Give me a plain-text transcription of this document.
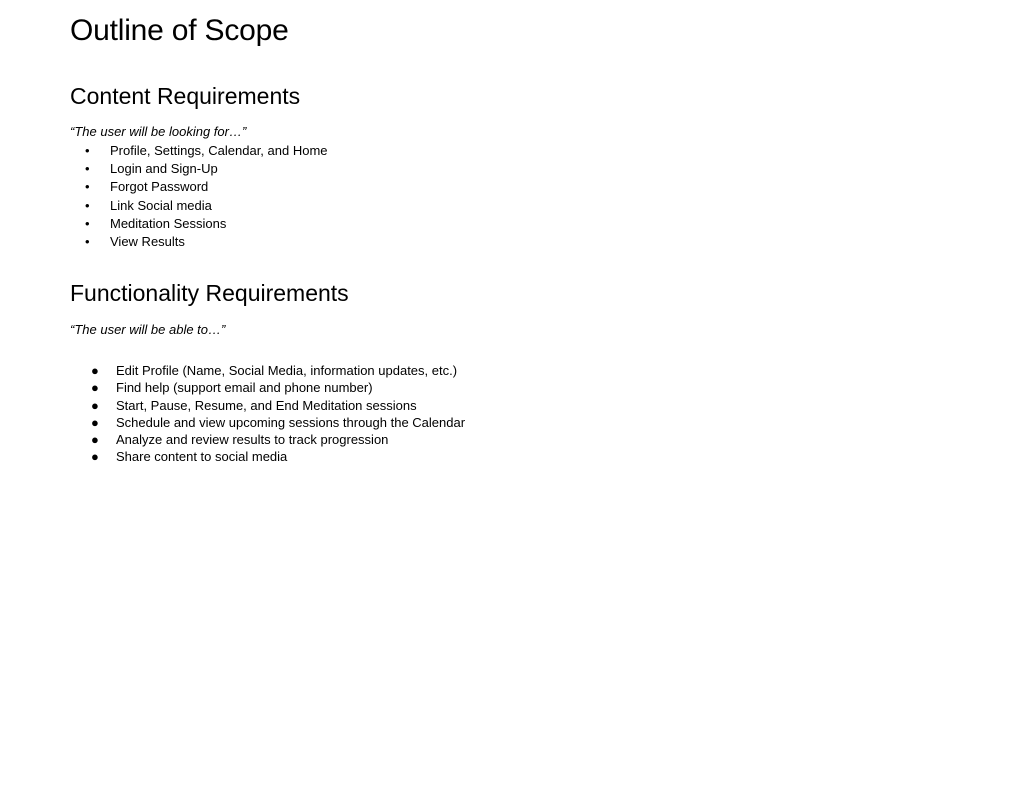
Outline of Scope
Content Requirements

“The user will be looking for…”

• Profile, Settings, Calendar, and Home
• Login and Sign-Up
• Forgot Password
• Link Social media
• Meditation Sessions
• View Results
Functionality Requirements

“The user will be able to…”

● Edit Profile (Name, Social Media, information updates, etc.)
● Find help (support email and phone number)
● Start, Pause, Resume, and End Meditation sessions
● Schedule and view upcoming sessions through the Calendar
● Analyze and review results to track progression
● Share content to social media
